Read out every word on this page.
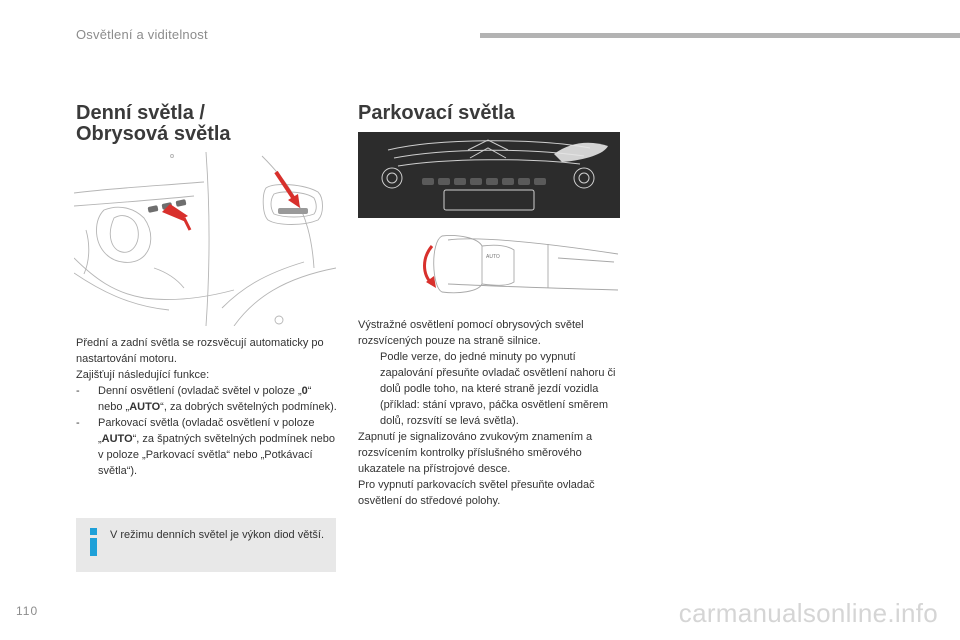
Osvětlení a viditelnost
Denní světla /
Obrysová světla

Přední a zadní světla se rozsvěcují automaticky po nastartování motoru.

Zajišťují následující funkce:

- Denní osvětlení (ovladač světel v poloze „0“ nebo „AUTO“, za dobrých světelných podmínek).

- Parkovací světla (ovladač osvětlení v poloze „AUTO“, za špatných světelných podmínek nebo v poloze „Parkovací světla“ nebo „Potkávací světla“).

V režimu denních světel je výkon diod větší.
Parkovací světla
AUTO

Výstražné osvětlení pomocí obrysových světel rozsvícených pouze na straně silnice.

Podle verze, do jedné minuty po vypnutí zapalování přesuňte ovladač osvětlení nahoru či dolů podle toho, na které straně jezdí vozidla (příklad: stání vpravo, páčka osvětlení směrem dolů, rozsvítí se levá světla).

Zapnutí je signalizováno zvukovým znamením a rozsvícením kontrolky příslušného směrového ukazatele na přístrojové desce.

Pro vypnutí parkovacích světel přesuňte ovladač osvětlení do středové polohy.

110	carmanualsonline.info
